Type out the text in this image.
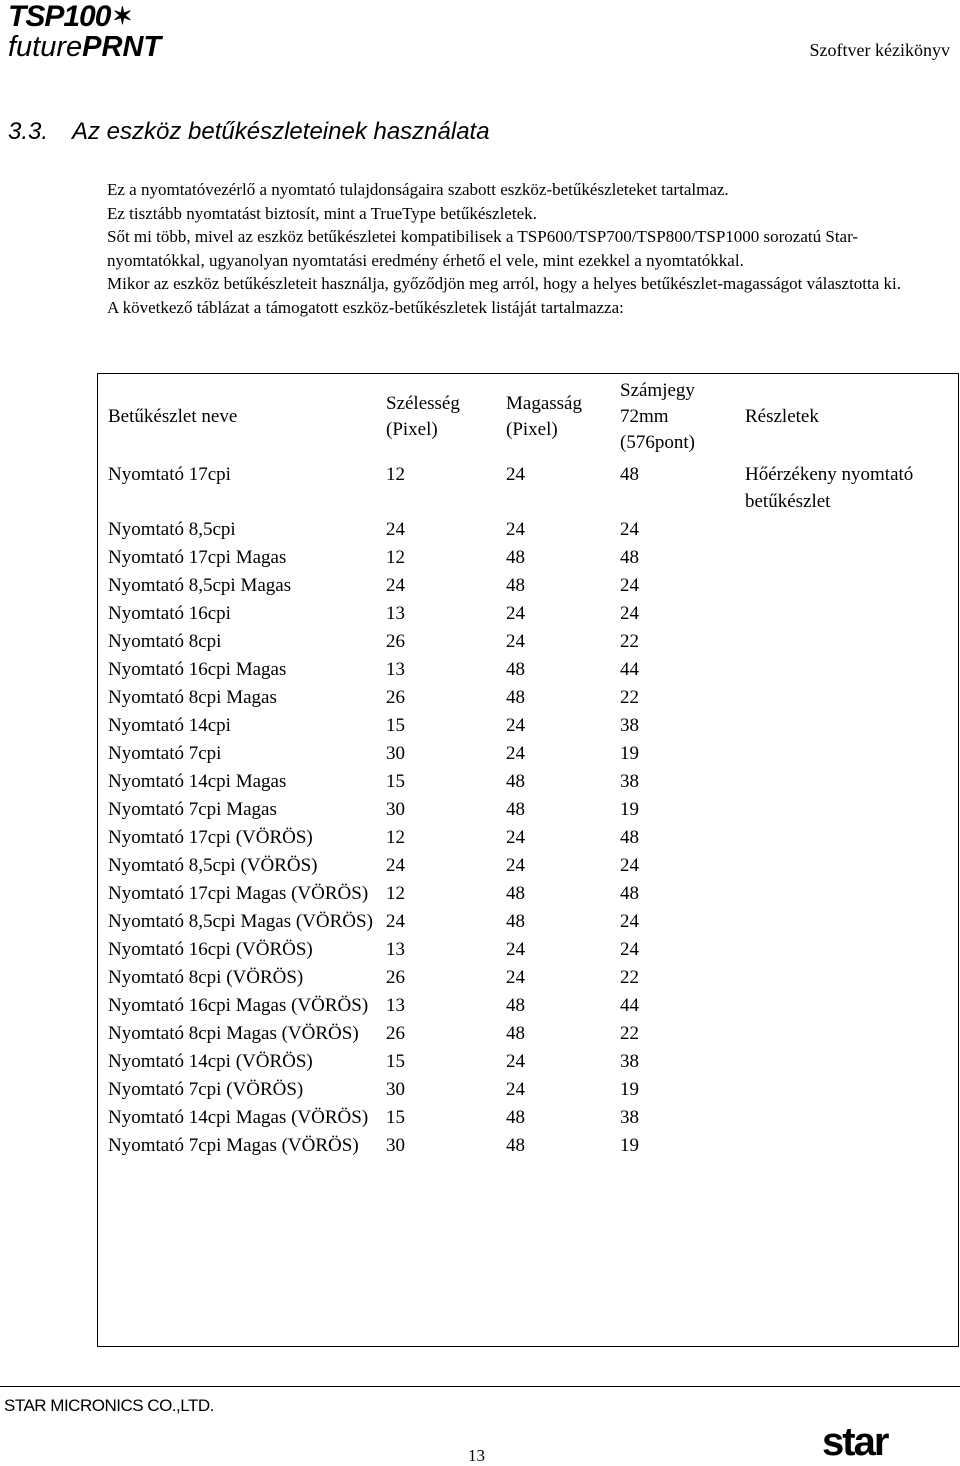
TSP100✶
futurePRNT	Szoftver kézikönyv
3.3. Az eszköz betűkészleteinek használata

Ez a nyomtatóvezérlő a nyomtató tulajdonságaira szabott eszköz-betűkészleteket tartalmaz.

Ez tisztább nyomtatást biztosít, mint a TrueType betűkészletek.

Sőt mi több, mivel az eszköz betűkészletei kompatibilisek a TSP600/TSP700/TSP800/TSP1000 sorozatú Star-nyomtatókkal, ugyanolyan nyomtatási eredmény érhető el vele, mint ezekkel a nyomtatókkal.

Mikor az eszköz betűkészleteit használja, győződjön meg arról, hogy a helyes betűkészlet-magasságot választotta ki.

A következő táblázat a támogatott eszköz-betűkészletek listáját tartalmazza:

Betűkészlet neve	Szélesség (Pixel)	Magasság (Pixel)	Számjegy 72mm (576pont)	Részletek
Nyomtató 17cpi	12	24	48	Hőérzékeny nyomtató betűkészlet
Nyomtató 8,5cpi	24	24	24	
Nyomtató 17cpi Magas	12	48	48	
Nyomtató 8,5cpi Magas	24	48	24	
Nyomtató 16cpi	13	24	24	
Nyomtató 8cpi	26	24	22	
Nyomtató 16cpi Magas	13	48	44	
Nyomtató 8cpi Magas	26	48	22	
Nyomtató 14cpi	15	24	38	
Nyomtató 7cpi	30	24	19	
Nyomtató 14cpi Magas	15	48	38	
Nyomtató 7cpi Magas	30	48	19	
Nyomtató 17cpi (VÖRÖS)	12	24	48	
Nyomtató 8,5cpi (VÖRÖS)	24	24	24	
Nyomtató 17cpi Magas (VÖRÖS)	12	48	48	
Nyomtató 8,5cpi Magas (VÖRÖS)	24	48	24	
Nyomtató 16cpi (VÖRÖS)	13	24	24	
Nyomtató 8cpi (VÖRÖS)	26	24	22	
Nyomtató 16cpi Magas (VÖRÖS)	13	48	44	
Nyomtató 8cpi Magas (VÖRÖS)	26	48	22	
Nyomtató 14cpi (VÖRÖS)	15	24	38	
Nyomtató 7cpi (VÖRÖS)	30	24	19	
Nyomtató 14cpi Magas (VÖRÖS)	15	48	38	
Nyomtató 7cpi Magas (VÖRÖS)	30	48	19	
STAR MICRONICS CO.,LTD.
13	star
